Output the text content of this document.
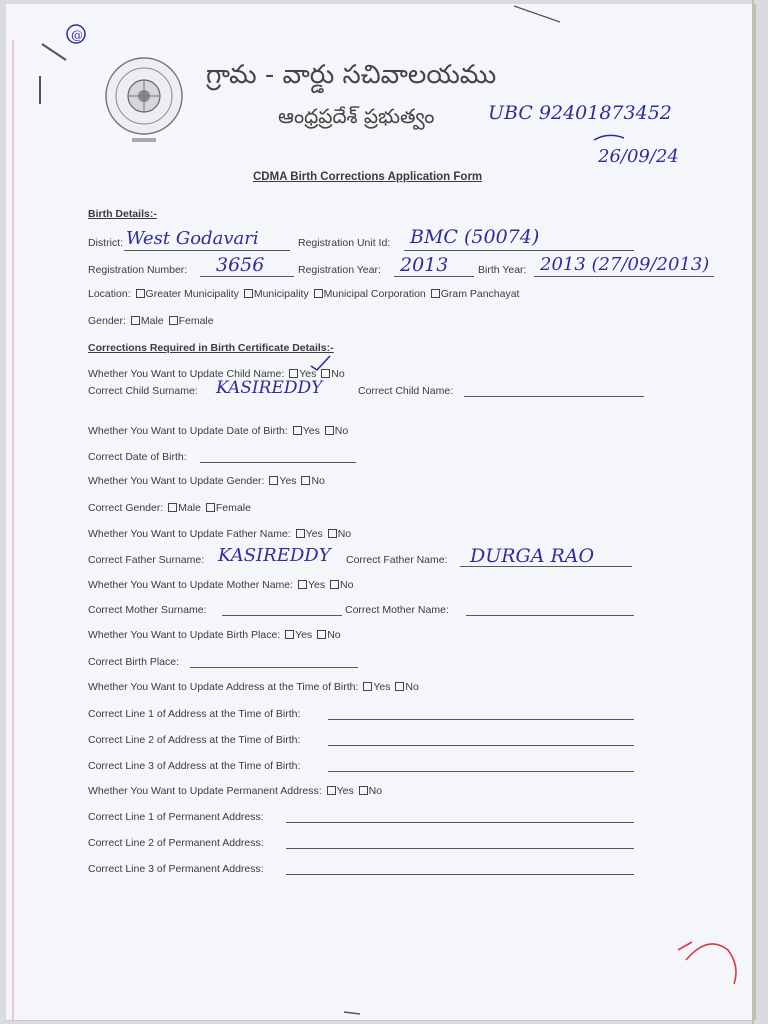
@
గ్రామ - వార్డు సచివాలయము
ఆంధ్రప్రదేశ్ ప్రభుత్వం	UBC 92401873452
26/09/24
CDMA Birth Corrections Application Form
Birth Details:-
District: West Godavari	Registration Unit Id: BMC (50074)
Registration Number: 3656	Registration Year: 2013	Birth Year: 2013 (27/09/2013)
Location: Greater Municipality Municipality Municipal Corporation Gram Panchayat
Gender: Male Female
Corrections Required in Birth Certificate Details:-
Whether You Want to Update Child Name: Yes No
Correct Child Surname: KASIREDDY	Correct Child Name:
Whether You Want to Update Date of Birth: Yes No
Correct Date of Birth:
Whether You Want to Update Gender: Yes No
Correct Gender: Male Female
Whether You Want to Update Father Name: Yes No
Correct Father Surname: KASIREDDY Correct Father Name: DURGA RAO
Whether You Want to Update Mother Name: Yes No
Correct Mother Surname:	Correct Mother Name:
Whether You Want to Update Birth Place: Yes No
Correct Birth Place:
Whether You Want to Update Address at the Time of Birth: Yes No
Correct Line 1 of Address at the Time of Birth:
Correct Line 2 of Address at the Time of Birth:
Correct Line 3 of Address at the Time of Birth:
Whether You Want to Update Permanent Address: Yes No
Correct Line 1 of Permanent Address:
Correct Line 2 of Permanent Address:
Correct Line 3 of Permanent Address:
